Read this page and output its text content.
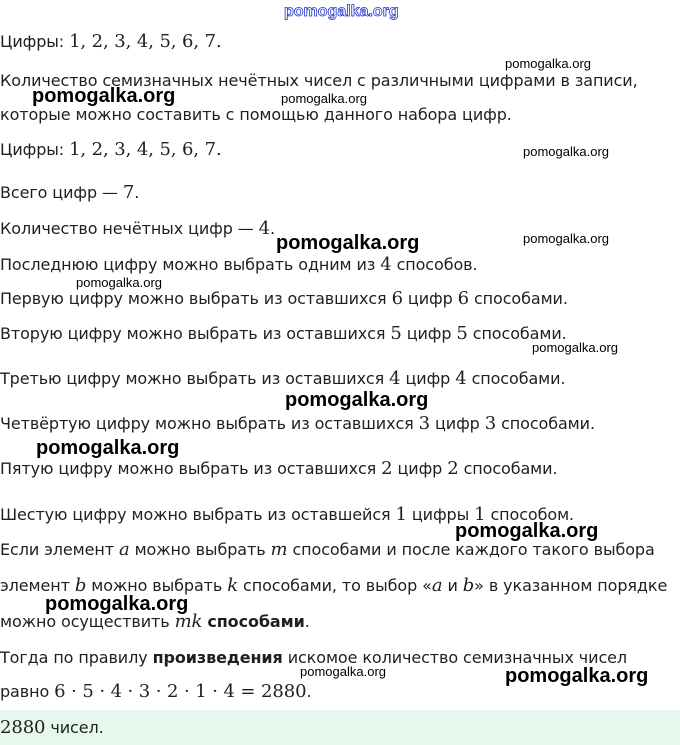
Цифры: 1, 2, 3, 4, 5, 6, 7.
Количество семизначных нечётных чисел с различными цифрами в записи,
которые можно составить с помощью данного набора цифр.
Цифры: 1, 2, 3, 4, 5, 6, 7.
Всего цифр — 7.
Количество нечётных цифр — 4.
Последнюю цифру можно выбрать одним из 4 способов.
Первую цифру можно выбрать из оставшихся 6 цифр 6 способами.
Вторую цифру можно выбрать из оставшихся 5 цифр 5 способами.
Третью цифру можно выбрать из оставшихся 4 цифр 4 способами.
Четвёртую цифру можно выбрать из оставшихся 3 цифр 3 способами.
Пятую цифру можно выбрать из оставшихся 2 цифр 2 способами.
Шестую цифру можно выбрать из оставшейся 1 цифры 1 способом.
Если элемент a можно выбрать m способами и после каждого такого выбора
элемент b можно выбрать k способами, то выбор «a и b» в указанном порядке
можно осуществить mk способами.
Тогда по правилу произведения искомое количество семизначных чисел
равно 6 · 5 · 4 · 3 · 2 · 1 · 4 = 2880.
2880 чисел.
pomogalka.org
pomogalka.org
pomogalka.org	pomogalka.org
pomogalka.org
pomogalka.org	pomogalka.org
pomogalka.org
pomogalka.org
pomogalka.org
pomogalka.org
pomogalka.org
pomogalka.org
pomogalka.org	pomogalka.org
